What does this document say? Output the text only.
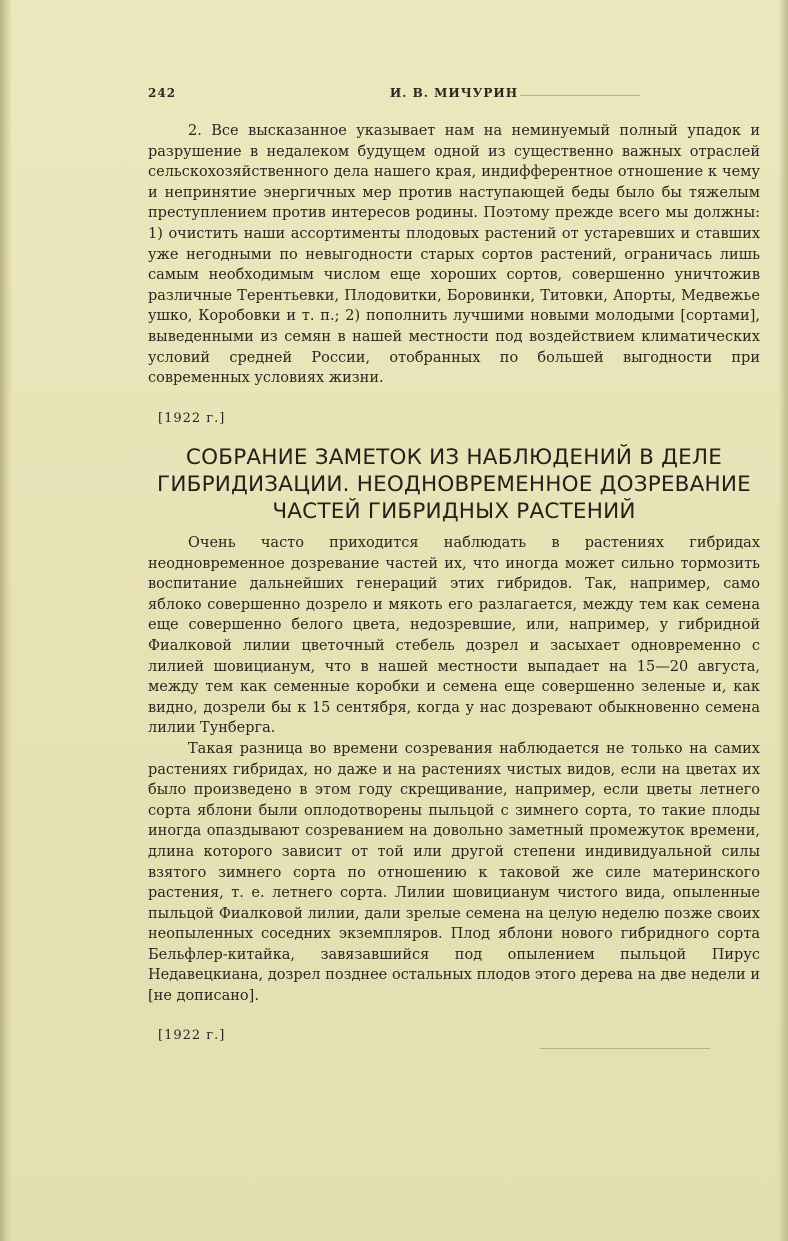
242	И. В. МИЧУРИН

2. Все высказанное указывает нам на неминуемый полный упадок и разрушение в недалеком будущем одной из существенно важных отраслей сельскохозяйственного дела нашего края, индифферентное отношение к чему и непринятие энергичных мер против наступающей беды было бы тяжелым преступлением против интересов родины. Поэтому прежде всего мы должны: 1) очистить наши ассортименты плодовых растений от устаревших и ставших уже негодными по невыгодности старых сортов растений, ограничась лишь самым необходимым числом еще хороших сортов, совершенно уничтожив различные Терентьевки, Плодовитки, Боровинки, Титовки, Апорты, Медвежье ушко, Коробовки и т. п.; 2) пополнить лучшими новыми молодыми [сортами], выведенными из семян в нашей местности под воздействием климатических условий средней России, отобранных по большей выгодности при современных условиях жизни.

[1922 г.]
СОБРАНИЕ ЗАМЕТОК ИЗ НАБЛЮДЕНИЙ В ДЕЛЕ
ГИБРИДИЗАЦИИ. НЕОДНОВРЕМЕННОЕ ДОЗРЕВАНИЕ
ЧАСТЕЙ ГИБРИДНЫХ РАСТЕНИЙ

Очень часто приходится наблюдать в растениях гибридах неодновременное дозревание частей их, что иногда может сильно тормозить воспитание дальнейших генераций этих гибридов. Так, например, само яблоко совершенно дозрело и мякоть его разлагается, между тем как семена еще совершенно белого цвета, недозревшие, или, например, у гибридной Фиалковой лилии цветочный стебель дозрел и засыхает одновременно с лилией шовицианум, что в нашей местности выпадает на 15—20 августа, между тем как семенные коробки и семена еще совершенно зеленые и, как видно, дозрели бы к 15 сентября, когда у нас дозревают обыкновенно семена лилии Тунберга.

Такая разница во времени созревания наблюдается не только на самих растениях гибридах, но даже и на растениях чистых видов, если на цветах их было произведено в этом году скрещивание, например, если цветы летнего сорта яблони были оплодотворены пыльцой с зимнего сорта, то такие плоды иногда опаздывают созреванием на довольно заметный промежуток времени, длина которого зависит от той или другой степени индивидуальной силы взятого зимнего сорта по отношению к таковой же силе материнского растения, т. е. летнего сорта. Лилии шовицианум чистого вида, опыленные пыльцой Фиалковой лилии, дали зрелые семена на целую неделю позже своих неопыленных соседних экземпляров. Плод яблони нового гибридного сорта Бельфлер-китайка, завязавшийся под опылением пыльцой Пирус Недавецкиана, дозрел позднее остальных плодов этого дерева на две недели и [не дописано].

[1922 г.]
